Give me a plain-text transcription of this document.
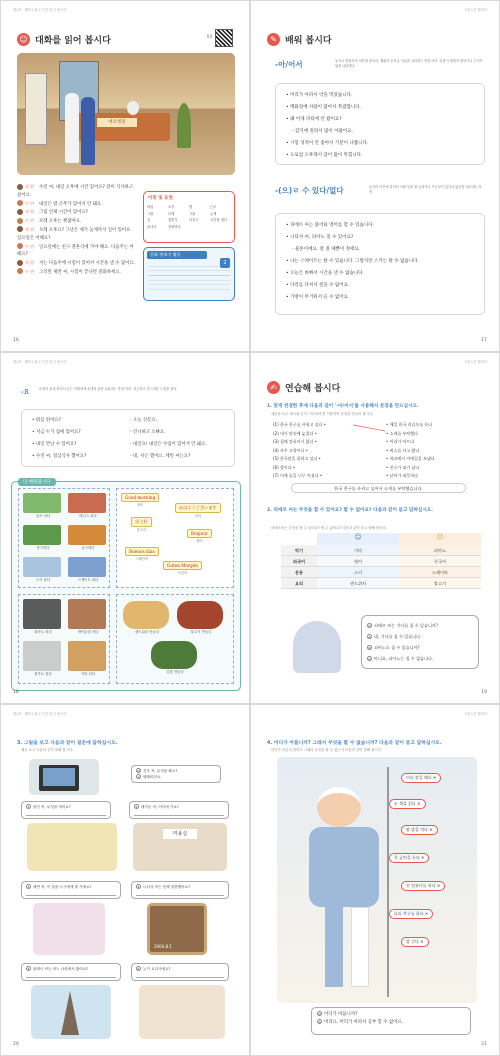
제1과 · 새벽이 와주기 한 번 더 좋아서
☺ 대화를 읽어 봅시다	04
예코병원
직 원 수연 씨, 내일 오후에 시간 있어요? 같이 식사하고 싶어요.
수 연 내일은 밤 근무가 있어서 안 돼요.
직 원 그럼 언제 시간이 있어요?
수 연 모레 오후는 괜찮아요.
직 원 모레 오후요? 그날은 제가 늦게까지 일이 있어요. 일요일은 어때요?
수 연 일요일에는 친구 결혼식에 가야 해요. 다음주는 어때요?
직 원 저는 다음주에 시험이 있어서 시간을 낼 수 없어요.
수 연 그러면 제반 씨, 시험이 끝나면 전화하세요.
어휘 및 표현
내일	오후	밤	근무
그럼	모레	그날	늦게
일	결혼식	다음주	시간을 내다
끝나다	전화하다
문화 엿보기 활동
2
16
수업시간 환대사
✎ 배워 봅시다
-아/어서	동사나 형용사의 어간에 붙어서, 행위의 순서나 이유를 나타내는 연결 어미. 앞말이 뒷말의 원인이나 근거가 됨을 나타낸다.
• 머리가 아파서 약을 먹었습니다.
• 백화점에 사람이 많아서 복잡합니다.
• 왜 어제 파티에 안 왔어요?
- 감기에 걸려서 많이 아팠어요.
• 시험 성적이 안 좋아서 기분이 나쁩니다.
• 도로업 오후래서 감이 많이 막힙니다.
-(으)ㄹ 수 있다/없다	동사의 어간에 붙어서 어떤 일을 할 능력이나 가능성이 있거나 없음을 나타내는 표현.
• 피에르 씨는 불어와 영어를 할 수 있습니다.
• 니티샤 씨, 피아노 칠 수 있어요?
- 물론이에요. 잘 칠 때뿐이 정애요.
• 나는 스케이트는 탈 수 있습니다. 그렇지만 스키는 탈 수 없습니다.
• 오늘은 바빠서 시간을 낼 수 없습니다.
• 다리를 다쳐서 걸을 수 없어요.
• 가방이 무거워서 들 수 없어요.
17
제1과 · 새벽이 와주기 한 번 더 좋아서
-요	문장의 끝에 붙어서 듣는 사람에게 존대의 뜻을 나타내는 종결 어미. 친근하고 부드러운 느낌을 준다.
• 뭐를 읽어요?
• 지금 누가 집에 있어요?
• 내일 만날 수 있어요?
• 수연 씨, 점심식사 했어요?
- 오늘 신문요.
- 언니하고 오빠요.
- 내일요! 내일은 수업이 있어서 안 돼요.
- 네, 저는 했어요. 케빈 씨는요?
더 배워봅시다
골프 치다	테니스 치다
축구하다	농구하다
스키 타다	스케이트 타다
Good morning
영어	おはようございます
일어
早上好
중국어
Bonjour
불어
Buenos días
스페인어
Guten Morgen
독일어
피아노 치다	바이올린 켜다
플루트 불다	기타 치다
샌드위치 만들다	불고기 만들다
김밥 만들다
18
수업시간 환대사
✍ 연습해 봅시다
1. 맞게 연결한 후에 다음과 같이 '-아/어서'를 사용해서 문장을 만드십시오.
예문을 보고 예시와 같이 '-아/어서'를 이용하여 문장을 만들어 봅시다.
(1) 한국 친구를 사귀고 싶다 •
(2) 내가 약속에 늦었다 •
(3) 집에 컴퓨터가 없다 •
(4) 자꾸 고향이다 •
(5) 한국말을 잘하고 싶다 •
(6) 불이다 •
(7) 어제 술을 너무 마셨다 •
• 매일 한국 라디오를 듣다
• 소개를 부탁했다
• 머리가 아프다
• 버스를 타고 왔다
• 학교에서 이메일을 보냈다
• 친구가 화가 났다
• 날씨가 따뜻하다
한국 친구를 사귀고 싶어서 소개를 부탁했습니다.
2. 피에르 씨는 무엇을 할 수 있어요? 할 수 없어요? 다음과 같이 묻고 답하십시오.
피에르씨는 무엇을 할 수 있어요? 할 수 없어요? 다음과 같이 묻고 답해 봅시다.
☺	☹
악기	기타	피아노
외국어	영어	중국어
운동	스키	스케이트
요리	샌드위치	불고기
Q 피에르 씨는 기타를 칠 수 있습니까?
A 네, 기타를 칠 수 있습니다.
Q 피아노도 칠 수 있습니까?
A 아니요, 피아노는 칠 수 없습니다.
19
제1과 · 새벽이 와주기 한 번 더 좋아서
3. 그림을 보고 다음과 같이 질문에 답하십시오.
예시 보고 다음과 같이 말해 봅시다.
Q 진우 씨, 무엇을 봐요?
A 텔레비전요.
1 왕신 씨, 무엇을 먹어요?	2 레이몬 씨, 어디에 가요?
미용실
3 제반 씨, 이 꽃을 누구에게 줄 거예요?	4 니티샤 씨는 언제 결혼했어요?
2004.8.1
5 피에르 씨는 어느 나라에서 왔어요?	6 누가 요리사예요?
20
수업시간 환대사
4. 어디가 아픕니까? 그래서 무엇을 할 수 없습니까? 다음과 같이 묻고 답하십시오.
어디가 아픈지 말하고 그래서 무엇을 할 수 없는지 다음과 같이 말해 봅시다.
머리 깎을 때다 ✕
눈 책을 읽다 ✕
팔 밥을 먹다 ✕
목 공연을 듣다 ✕
손 컴퓨터를 하다 ✕
다리 축구를 하다 ✕
발 걷다 ✕
Q 어디가 아픕니까?
A 머리요. 머리가 아파서 공부 할 수 없어요.
21
